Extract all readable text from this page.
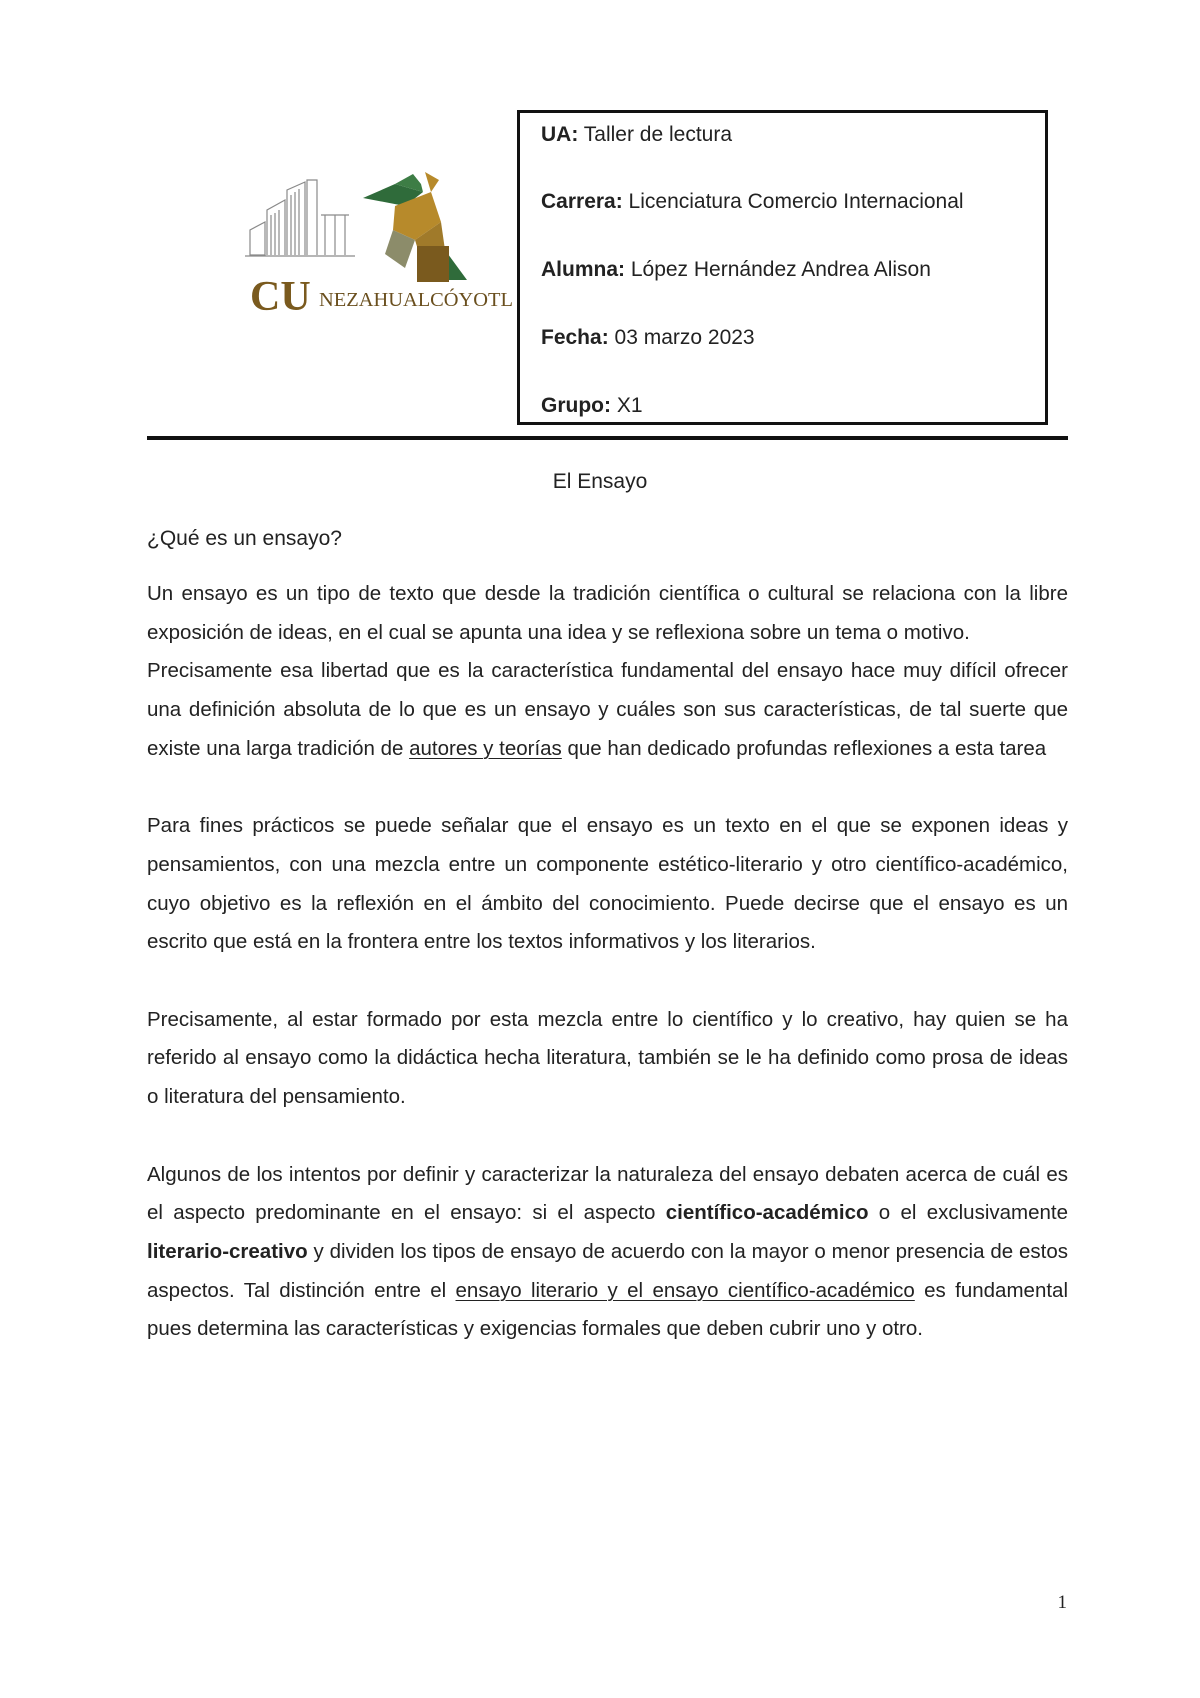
CU NEZAHUALCÓYOTL
UA: Taller de lectura
Carrera: Licenciatura Comercio Internacional
Alumna: López Hernández Andrea Alison
Fecha: 03 marzo 2023
Grupo: X1
El Ensayo
¿Qué es un ensayo?

Un ensayo es un tipo de texto que desde la tradición científica o cultural se relaciona con la libre exposición de ideas, en el cual se apunta una idea y se reflexiona sobre un tema o motivo.

Precisamente esa libertad que es la característica fundamental del ensayo hace muy difícil ofrecer una definición absoluta de lo que es un ensayo y cuáles son sus características, de tal suerte que existe una larga tradición de autores y teorías que han dedicado profundas reflexiones a esta tarea

Para fines prácticos se puede señalar que el ensayo es un texto en el que se exponen ideas y pensamientos, con una mezcla entre un componente estético-literario y otro científico-académico, cuyo objetivo es la reflexión en el ámbito del conocimiento. Puede decirse que el ensayo es un escrito que está en la frontera entre los textos informativos y los literarios.

Precisamente, al estar formado por esta mezcla entre lo científico y lo creativo, hay quien se ha referido al ensayo como la didáctica hecha literatura, también se le ha definido como prosa de ideas o literatura del pensamiento.

Algunos de los intentos por definir y caracterizar la naturaleza del ensayo debaten acerca de cuál es el aspecto predominante en el ensayo: si el aspecto científico-académico o el exclusivamente literario-creativo y dividen los tipos de ensayo de acuerdo con la mayor o menor presencia de estos aspectos. Tal distinción entre el ensayo literario y el ensayo científico-académico es fundamental pues determina las características y exigencias formales que deben cubrir uno y otro.

1
